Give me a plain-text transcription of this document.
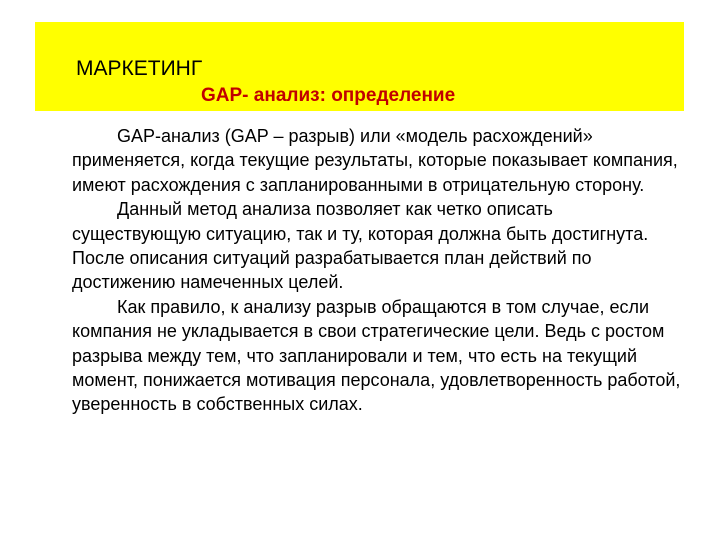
МАРКЕТИНГ
GAP- анализ: определение

GAP-анализ (GAP – разрыв) или «модель расхождений» применяется, когда текущие результаты, которые показывает компания, имеют расхождения с запланированными в отрицательную сторону.

Данный метод анализа позволяет как четко описать существующую ситуацию, так и ту, которая должна быть достигнута. После описания ситуаций разрабатывается план действий по достижению намеченных целей.

Как правило, к анализу разрыв обращаются в том случае, если компания не укладывается в свои стратегические цели. Ведь с ростом разрыва между тем, что запланировали и тем, что есть на текущий момент, понижается мотивация персонала, удовлетворенность работой, уверенность в собственных силах.
